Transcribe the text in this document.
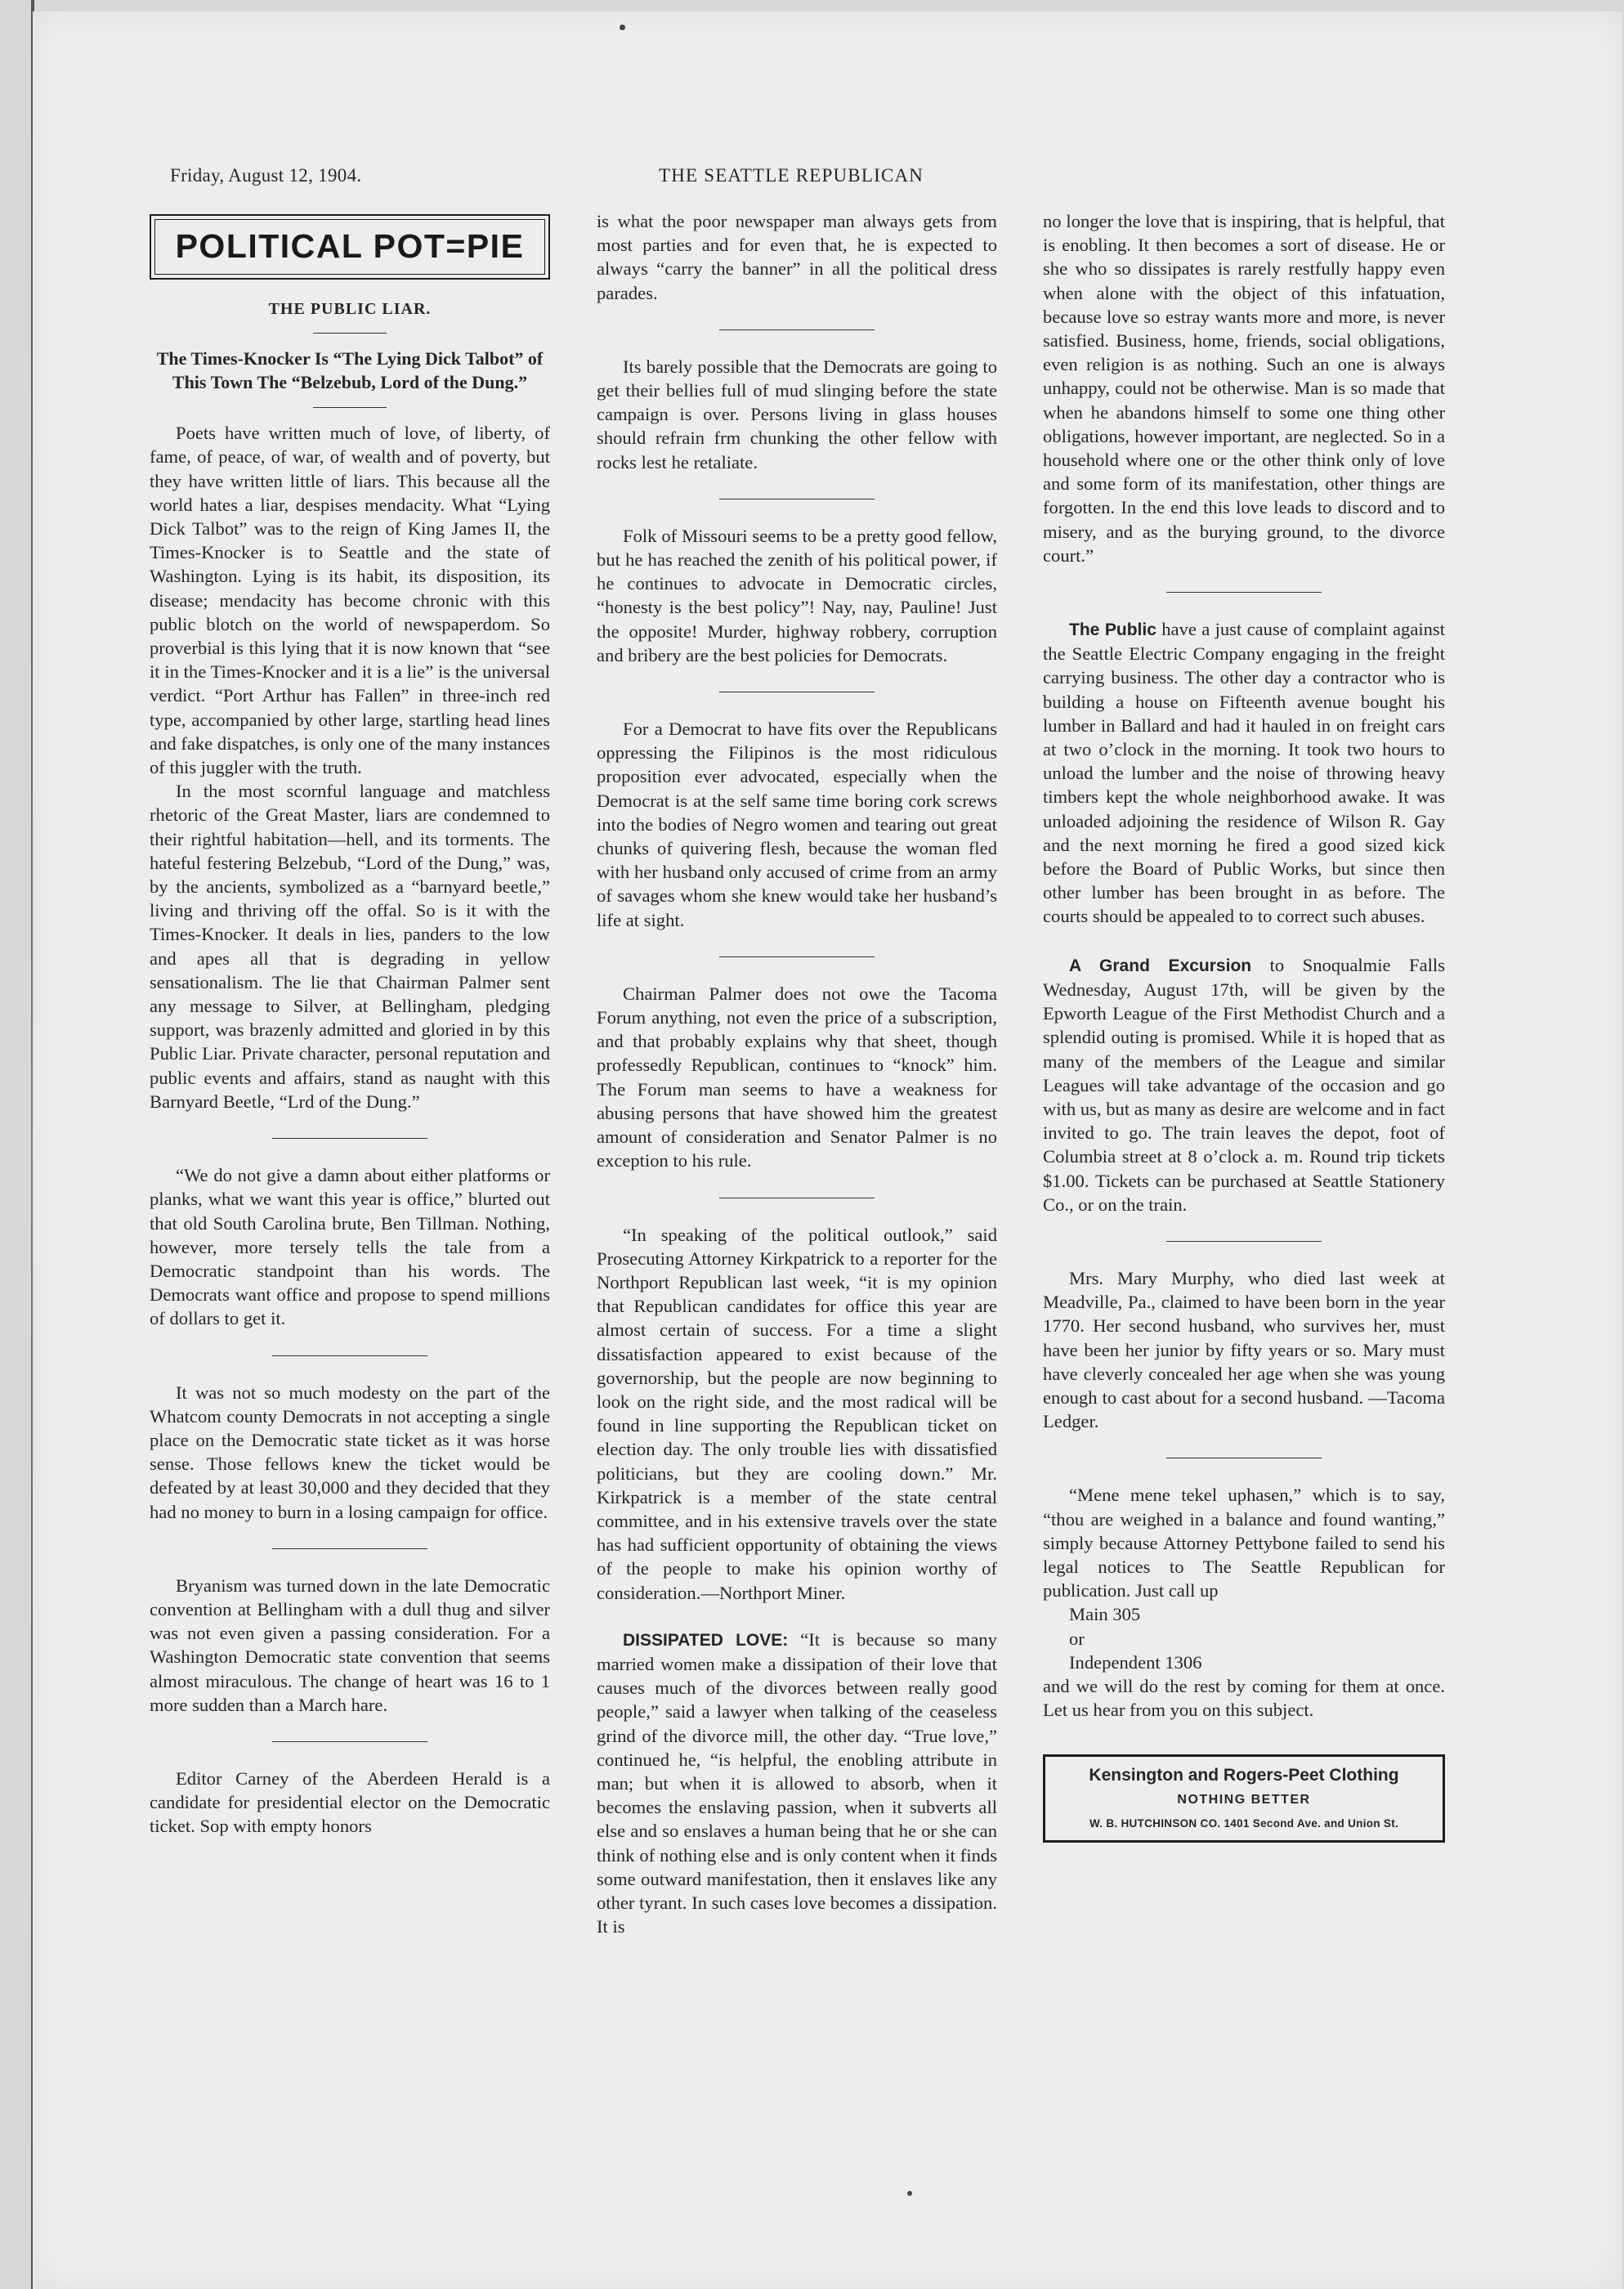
Friday, August 12, 1904.	THE SEATTLE REPUBLICAN
POLITICAL POT=PIE
THE PUBLIC LIAR.
The Times-Knocker Is “The Lying Dick Talbot” of This Town The “Belzebub, Lord of the Dung.”

Poets have written much of love, of liberty, of fame, of peace, of war, of wealth and of poverty, but they have written little of liars. This because all the world hates a liar, despises mendacity. What “Lying Dick Talbot” was to the reign of King James II, the Times-Knocker is to Seattle and the state of Washington. Lying is its habit, its disposition, its disease; mendacity has become chronic with this public blotch on the world of newspaperdom. So proverbial is this lying that it is now known that “see it in the Times-Knocker and it is a lie” is the universal verdict. “Port Arthur has Fallen” in three-inch red type, accompanied by other large, startling head lines and fake dispatches, is only one of the many instances of this juggler with the truth.

In the most scornful language and matchless rhetoric of the Great Master, liars are condemned to their rightful habitation—hell, and its torments. The hateful festering Belzebub, “Lord of the Dung,” was, by the ancients, symbolized as a “barnyard beetle,” living and thriving off the offal. So is it with the Times-Knocker. It deals in lies, panders to the low and apes all that is degrading in yellow sensationalism. The lie that Chairman Palmer sent any message to Silver, at Bellingham, pledging support, was brazenly admitted and gloried in by this Public Liar. Private character, personal reputation and public events and affairs, stand as naught with this Barnyard Beetle, “Lrd of the Dung.”

“We do not give a damn about either platforms or planks, what we want this year is office,” blurted out that old South Carolina brute, Ben Tillman. Nothing, however, more tersely tells the tale from a Democratic standpoint than his words. The Democrats want office and propose to spend millions of dollars to get it.

It was not so much modesty on the part of the Whatcom county Democrats in not accepting a single place on the Democratic state ticket as it was horse sense. Those fellows knew the ticket would be defeated by at least 30,000 and they decided that they had no money to burn in a losing campaign for office.

Bryanism was turned down in the late Democratic convention at Bellingham with a dull thug and silver was not even given a passing consideration. For a Washington Democratic state convention that seems almost miraculous. The change of heart was 16 to 1 more sudden than a March hare.

Editor Carney of the Aberdeen Herald is a candidate for presidential elector on the Democratic ticket. Sop with empty honors

is what the poor newspaper man always gets from most parties and for even that, he is expected to always “carry the banner” in all the political dress parades.

Its barely possible that the Democrats are going to get their bellies full of mud slinging before the state campaign is over. Persons living in glass houses should refrain frm chunking the other fellow with rocks lest he retaliate.

Folk of Missouri seems to be a pretty good fellow, but he has reached the zenith of his political power, if he continues to advocate in Democratic circles, “honesty is the best policy”! Nay, nay, Pauline! Just the opposite! Murder, highway robbery, corruption and bribery are the best policies for Democrats.

For a Democrat to have fits over the Republicans oppressing the Filipinos is the most ridiculous proposition ever advocated, especially when the Democrat is at the self same time boring cork screws into the bodies of Negro women and tearing out great chunks of quivering flesh, because the woman fled with her husband only accused of crime from an army of savages whom she knew would take her husband’s life at sight.

Chairman Palmer does not owe the Tacoma Forum anything, not even the price of a subscription, and that probably explains why that sheet, though professedly Republican, continues to “knock” him. The Forum man seems to have a weakness for abusing persons that have showed him the greatest amount of consideration and Senator Palmer is no exception to his rule.

“In speaking of the political outlook,” said Prosecuting Attorney Kirkpatrick to a reporter for the Northport Republican last week, “it is my opinion that Republican candidates for office this year are almost certain of success. For a time a slight dissatisfaction appeared to exist because of the governorship, but the people are now beginning to look on the right side, and the most radical will be found in line supporting the Republican ticket on election day. The only trouble lies with dissatisfied politicians, but they are cooling down.” Mr. Kirkpatrick is a member of the state central committee, and in his extensive travels over the state has had sufficient opportunity of obtaining the views of the people to make his opinion worthy of consideration.—Northport Miner.

DISSIPATED LOVE: “It is because so many married women make a dissipation of their love that causes much of the divorces between really good people,” said a lawyer when talking of the ceaseless grind of the divorce mill, the other day. “True love,” continued he, “is helpful, the enobling attribute in man; but when it is allowed to absorb, when it becomes the enslaving passion, when it subverts all else and so enslaves a human being that he or she can think of nothing else and is only content when it finds some outward manifestation, then it enslaves like any other tyrant. In such cases love becomes a dissipation. It is

no longer the love that is inspiring, that is helpful, that is enobling. It then becomes a sort of disease. He or she who so dissipates is rarely restfully happy even when alone with the object of this infatuation, because love so estray wants more and more, is never satisfied. Business, home, friends, social obligations, even religion is as nothing. Such an one is always unhappy, could not be otherwise. Man is so made that when he abandons himself to some one thing other obligations, however important, are neglected. So in a household where one or the other think only of love and some form of its manifestation, other things are forgotten. In the end this love leads to discord and to misery, and as the burying ground, to the divorce court.”

The Public have a just cause of complaint against the Seattle Electric Company engaging in the freight carrying business. The other day a contractor who is building a house on Fifteenth avenue bought his lumber in Ballard and had it hauled in on freight cars at two o’clock in the morning. It took two hours to unload the lumber and the noise of throwing heavy timbers kept the whole neighborhood awake. It was unloaded adjoining the residence of Wilson R. Gay and the next morning he fired a good sized kick before the Board of Public Works, but since then other lumber has been brought in as before. The courts should be appealed to to correct such abuses.

A Grand Excursion to Snoqualmie Falls Wednesday, August 17th, will be given by the Epworth League of the First Methodist Church and a splendid outing is promised. While it is hoped that as many of the members of the League and similar Leagues will take advantage of the occasion and go with us, but as many as desire are welcome and in fact invited to go. The train leaves the depot, foot of Columbia street at 8 o’clock a. m. Round trip tickets $1.00. Tickets can be purchased at Seattle Stationery Co., or on the train.

Mrs. Mary Murphy, who died last week at Meadville, Pa., claimed to have been born in the year 1770. Her second husband, who survives her, must have been her junior by fifty years or so. Mary must have cleverly concealed her age when she was young enough to cast about for a second husband. —Tacoma Ledger.

“Mene mene tekel uphasen,” which is to say, “thou are weighed in a balance and found wanting,” simply because Attorney Pettybone failed to send his legal notices to The Seattle Republican for publication. Just call up

Main 305

or

Independent 1306

and we will do the rest by coming for them at once. Let us hear from you on this subject.

Kensington and Rogers-Peet Clothing
NOTHING BETTER
W. B. HUTCHINSON CO. 1401 Second Ave. and Union St.
